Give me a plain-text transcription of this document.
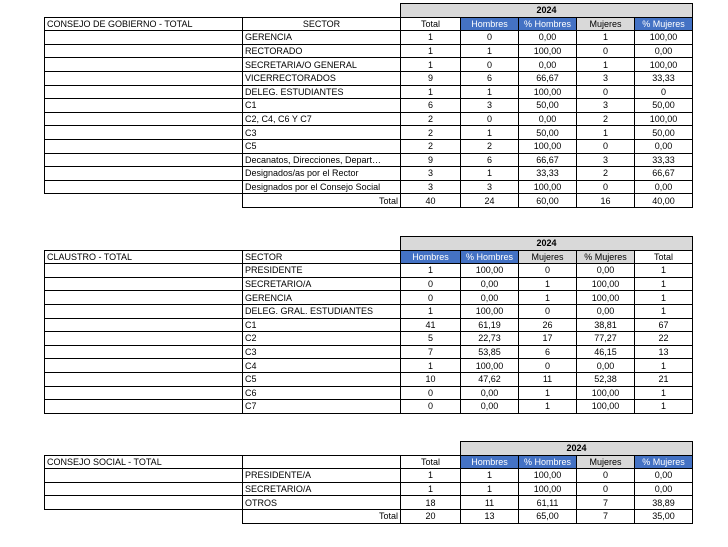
		2024				
CONSEJO DE GOBIERNO - TOTAL	SECTOR	Total	Hombres	% Hombres	Mujeres	% Mujeres
	GERENCIA	1	0	0,00	1	100,00
	RECTORADO	1	1	100,00	0	0,00
	SECRETARIA/O GENERAL	1	0	0,00	1	100,00
	VICERRECTORADOS	9	6	66,67	3	33,33
	DELEG. ESTUDIANTES	1	1	100,00	0	0
	C1	6	3	50,00	3	50,00
	C2, C4, C6 Y C7	2	0	0,00	2	100,00
	C3	2	1	50,00	1	50,00
	C5	2	2	100,00	0	0,00
	Decanatos, Direcciones, Depart…	9	6	66,67	3	33,33
	Designados/as por el Rector	3	1	33,33	2	66,67
	Designados por el Consejo Social	3	3	100,00	0	0,00
	Total	40	24	60,00	16	40,00
		2024				
CLAUSTRO - TOTAL	SECTOR	Hombres	% Hombres	Mujeres	% Mujeres	Total
	PRESIDENTE	1	100,00	0	0,00	1
	SECRETARIO/A	0	0,00	1	100,00	1
	GERENCIA	0	0,00	1	100,00	1
	DELEG. GRAL. ESTUDIANTES	1	100,00	0	0,00	1
	C1	41	61,19	26	38,81	67
	C2	5	22,73	17	77,27	22
	C3	7	53,85	6	46,15	13
	C4	1	100,00	0	0,00	1
	C5	10	47,62	11	52,38	21
	C6	0	0,00	1	100,00	1
	C7	0	0,00	1	100,00	1
			2024			
CONSEJO SOCIAL - TOTAL		Total	Hombres	% Hombres	Mujeres	% Mujeres
	PRESIDENTE/A	1	1	100,00	0	0,00
	SECRETARIO/A	1	1	100,00	0	0,00
	OTROS	18	11	61,11	7	38,89
	Total	20	13	65,00	7	35,00
